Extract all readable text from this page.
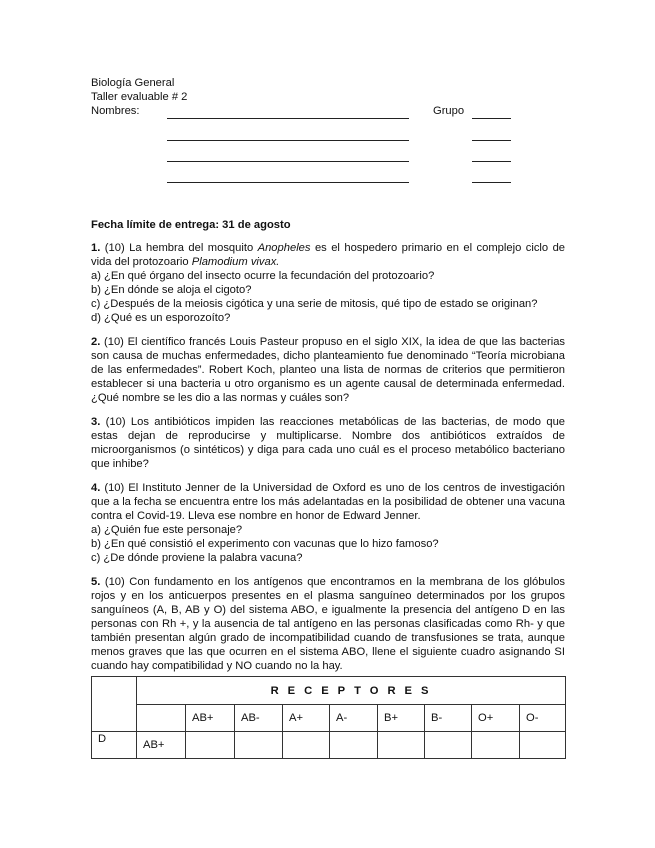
Biología General
Taller evaluable # 2
Nombres:	Grupo
Fecha límite de entrega: 31 de agosto

1. (10) La hembra del mosquito Anopheles es el hospedero primario en el complejo ciclo de vida del protozoario Plamodium vivax.

a) ¿En qué órgano del insecto ocurre la fecundación del protozoario?
b) ¿En dónde se aloja el cigoto?
c) ¿Después de la meiosis cigótica y una serie de mitosis, qué tipo de estado se originan?
d) ¿Qué es un esporozoíto?

2. (10) El científico francés Louis Pasteur propuso en el siglo XIX, la idea de que las bacterias son causa de muchas enfermedades, dicho planteamiento fue denominado “Teoría microbiana de las enfermedades”. Robert Koch, planteo una lista de normas de criterios que permitieron establecer si una bacteria u otro organismo es un agente causal de determinada enfermedad. ¿Qué nombre se les dio a las normas y cuáles son?

3. (10) Los antibióticos impiden las reacciones metabólicas de las bacterias, de modo que estas dejan de reproducirse y multiplicarse. Nombre dos antibióticos extraídos de microorganismos (o sintéticos) y diga para cada uno cuál es el proceso metabólico bacteriano que inhibe?

4. (10) El Instituto Jenner de la Universidad de Oxford es uno de los centros de investigación que a la fecha se encuentra entre los más adelantadas en la posibilidad de obtener una vacuna contra el Covid-19. Lleva ese nombre en honor de Edward Jenner.

a) ¿Quién fue este personaje?
b) ¿En qué consistió el experimento con vacunas que lo hizo famoso?
c) ¿De dónde proviene la palabra vacuna?

5. (10) Con fundamento en los antígenos que encontramos en la membrana de los glóbulos rojos y en los anticuerpos presentes en el plasma sanguíneo determinados por los grupos sanguíneos (A, B, AB y O) del sistema ABO, e igualmente la presencia del antígeno D en las personas con Rh +, y la ausencia de tal antígeno en las personas clasificadas como Rh- y que también presentan algún grado de incompatibilidad cuando de transfusiones se trata, aunque menos graves que las que ocurren en el sistema ABO, llene el siguiente cuadro asignando SI cuando hay compatibilidad y NO cuando no la hay.

	RECEPTORES								
		AB+	AB-	A+	A-	B+	B-	O+	O-
D	AB+								
